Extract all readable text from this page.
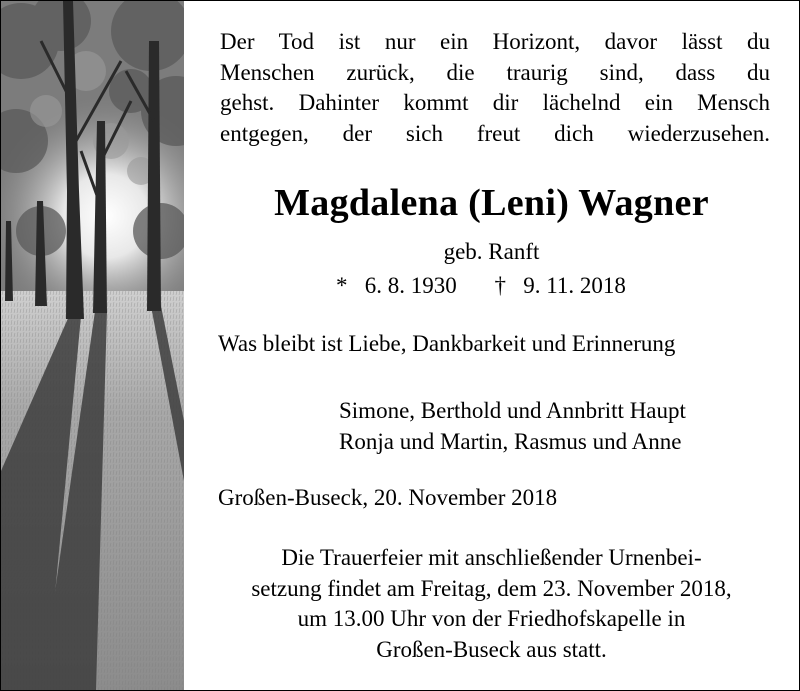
Der Tod ist nur ein Horizont, davor lässt du
Menschen zurück, die traurig sind, dass du
gehst. Dahinter kommt dir lächelnd ein Mensch
entgegen, der sich freut dich wiederzusehen.
Magdalena (Leni) Wagner
geb. Ranft
* 6. 8. 1930 † 9. 11. 2018
Was bleibt ist Liebe, Dankbarkeit und Erinnerung
Simone, Berthold und Annbritt Haupt
Ronja und Martin, Rasmus und Anne
Großen-Buseck, 20. November 2018
Die Trauerfeier mit anschließender Urnenbei-
setzung findet am Freitag, dem 23. November 2018,
um 13.00 Uhr von der Friedhofskapelle in
Großen-Buseck aus statt.
